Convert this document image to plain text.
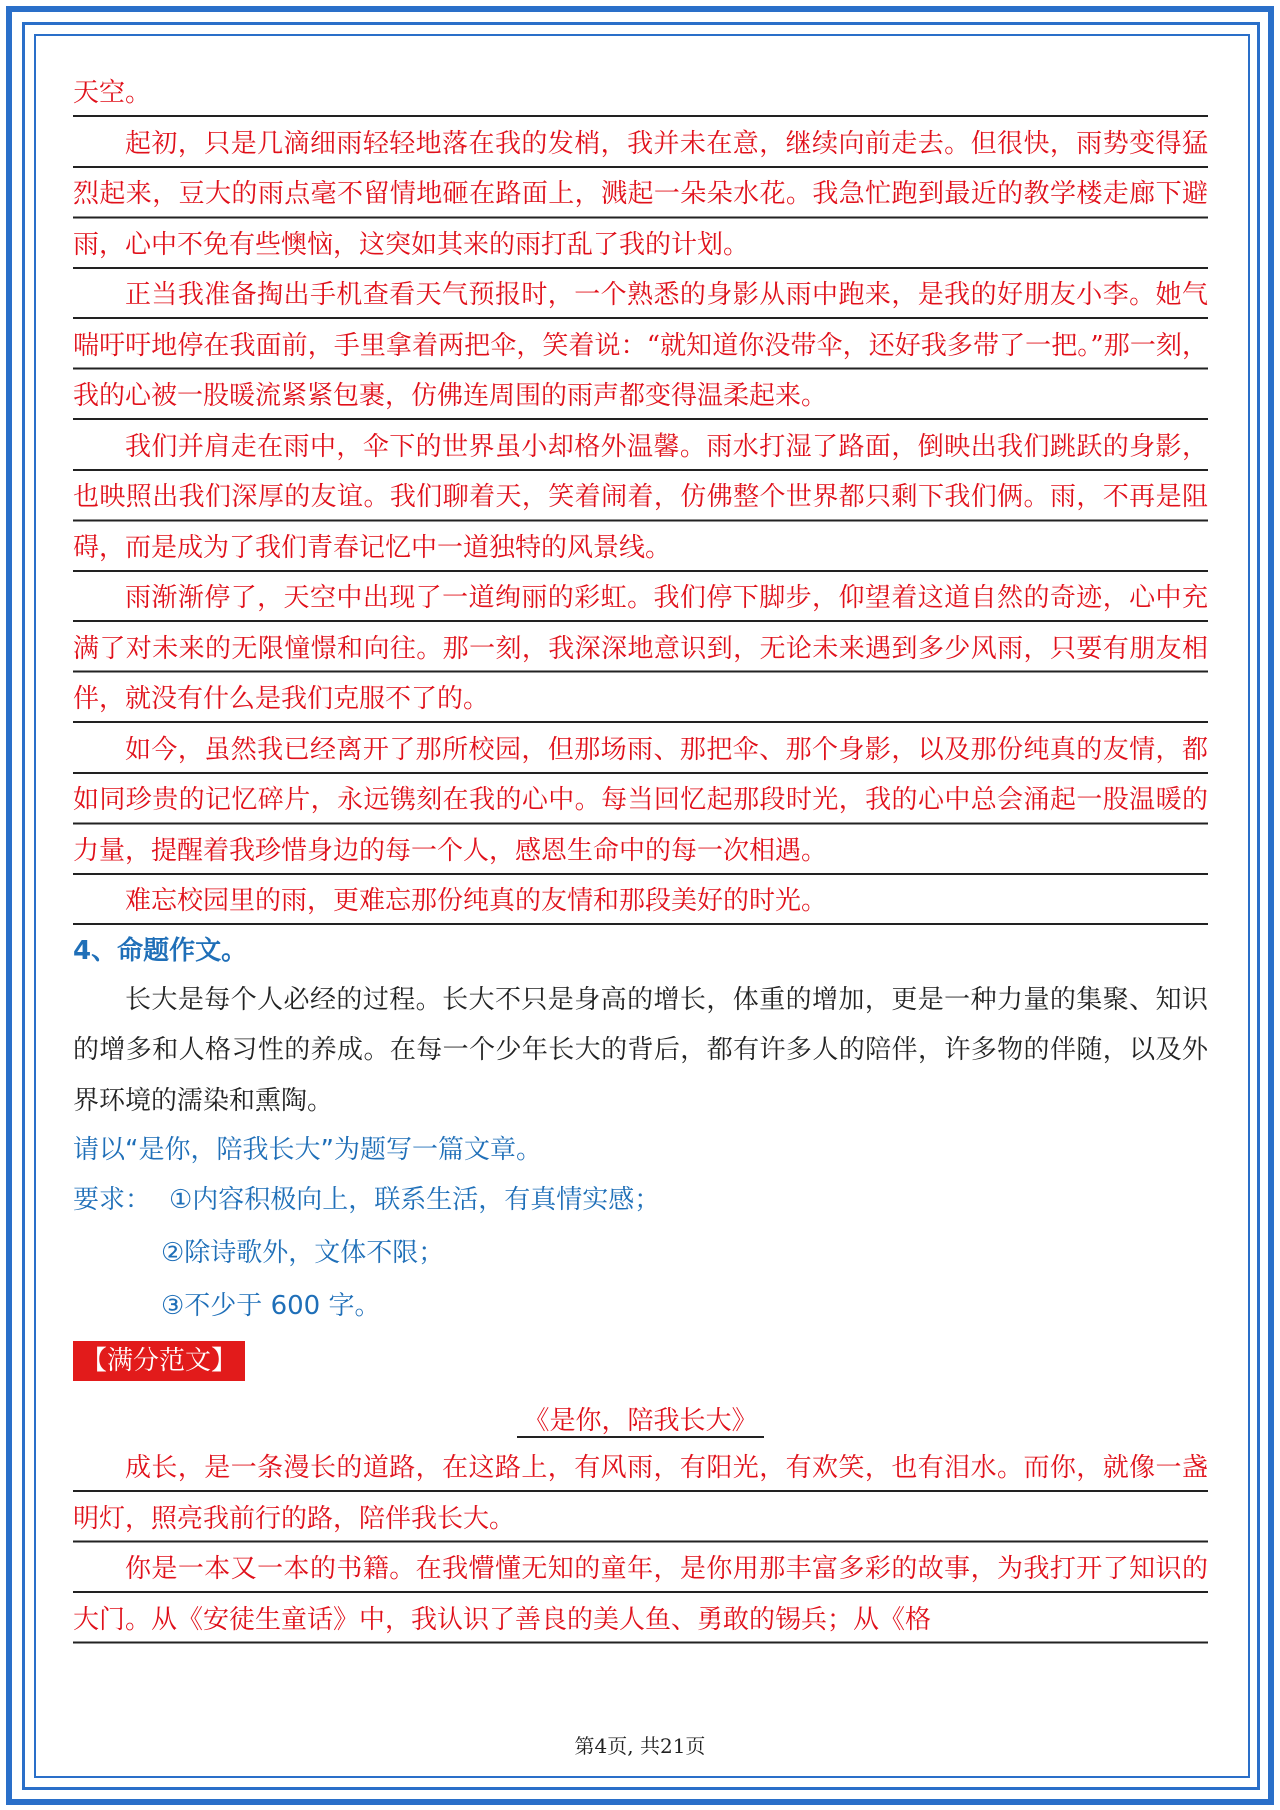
天空。

起初，只是几滴细雨轻轻地落在我的发梢，我并未在意，继续向前走去。但很快，雨势变得猛烈起来，豆大的雨点毫不留情地砸在路面上，溅起一朵朵水花。我急忙跑到最近的教学楼走廊下避雨，心中不免有些懊恼，这突如其来的雨打乱了我的计划。

正当我准备掏出手机查看天气预报时，一个熟悉的身影从雨中跑来，是我的好朋友小李。她气喘吁吁地停在我面前，手里拿着两把伞，笑着说：“就知道你没带伞，还好我多带了一把。”那一刻，我的心被一股暖流紧紧包裹，仿佛连周围的雨声都变得温柔起来。

我们并肩走在雨中，伞下的世界虽小却格外温馨。雨水打湿了路面，倒映出我们跳跃的身影，也映照出我们深厚的友谊。我们聊着天，笑着闹着，仿佛整个世界都只剩下我们俩。雨，不再是阻碍，而是成为了我们青春记忆中一道独特的风景线。

雨渐渐停了，天空中出现了一道绚丽的彩虹。我们停下脚步，仰望着这道自然的奇迹，心中充满了对未来的无限憧憬和向往。那一刻，我深深地意识到，无论未来遇到多少风雨，只要有朋友相伴，就没有什么是我们克服不了的。

如今，虽然我已经离开了那所校园，但那场雨、那把伞、那个身影，以及那份纯真的友情，都如同珍贵的记忆碎片，永远镌刻在我的心中。每当回忆起那段时光，我的心中总会涌起一股温暖的力量，提醒着我珍惜身边的每一个人，感恩生命中的每一次相遇。

难忘校园里的雨，更难忘那份纯真的友情和那段美好的时光。

4、命题作文。

长大是每个人必经的过程。长大不只是身高的增长，体重的增加，更是一种力量的集聚、知识的增多和人格习性的养成。在每一个少年长大的背后，都有许多人的陪伴，许多物的伴随，以及外界环境的濡染和熏陶。

请以“是你，陪我长大”为题写一篇文章。

要求： ①内容积极向上，联系生活，有真情实感；

②除诗歌外，文体不限；

③不少于 600 字。

【满分范文】

《是你，陪我长大》

成长，是一条漫长的道路，在这路上，有风雨，有阳光，有欢笑，也有泪水。而你，就像一盏明灯，照亮我前行的路，陪伴我长大。

你是一本又一本的书籍。在我懵懂无知的童年，是你用那丰富多彩的故事，为我打开了知识的大门。从《安徒生童话》中，我认识了善良的美人鱼、勇敢的锡兵；从《格

第4页, 共21页
